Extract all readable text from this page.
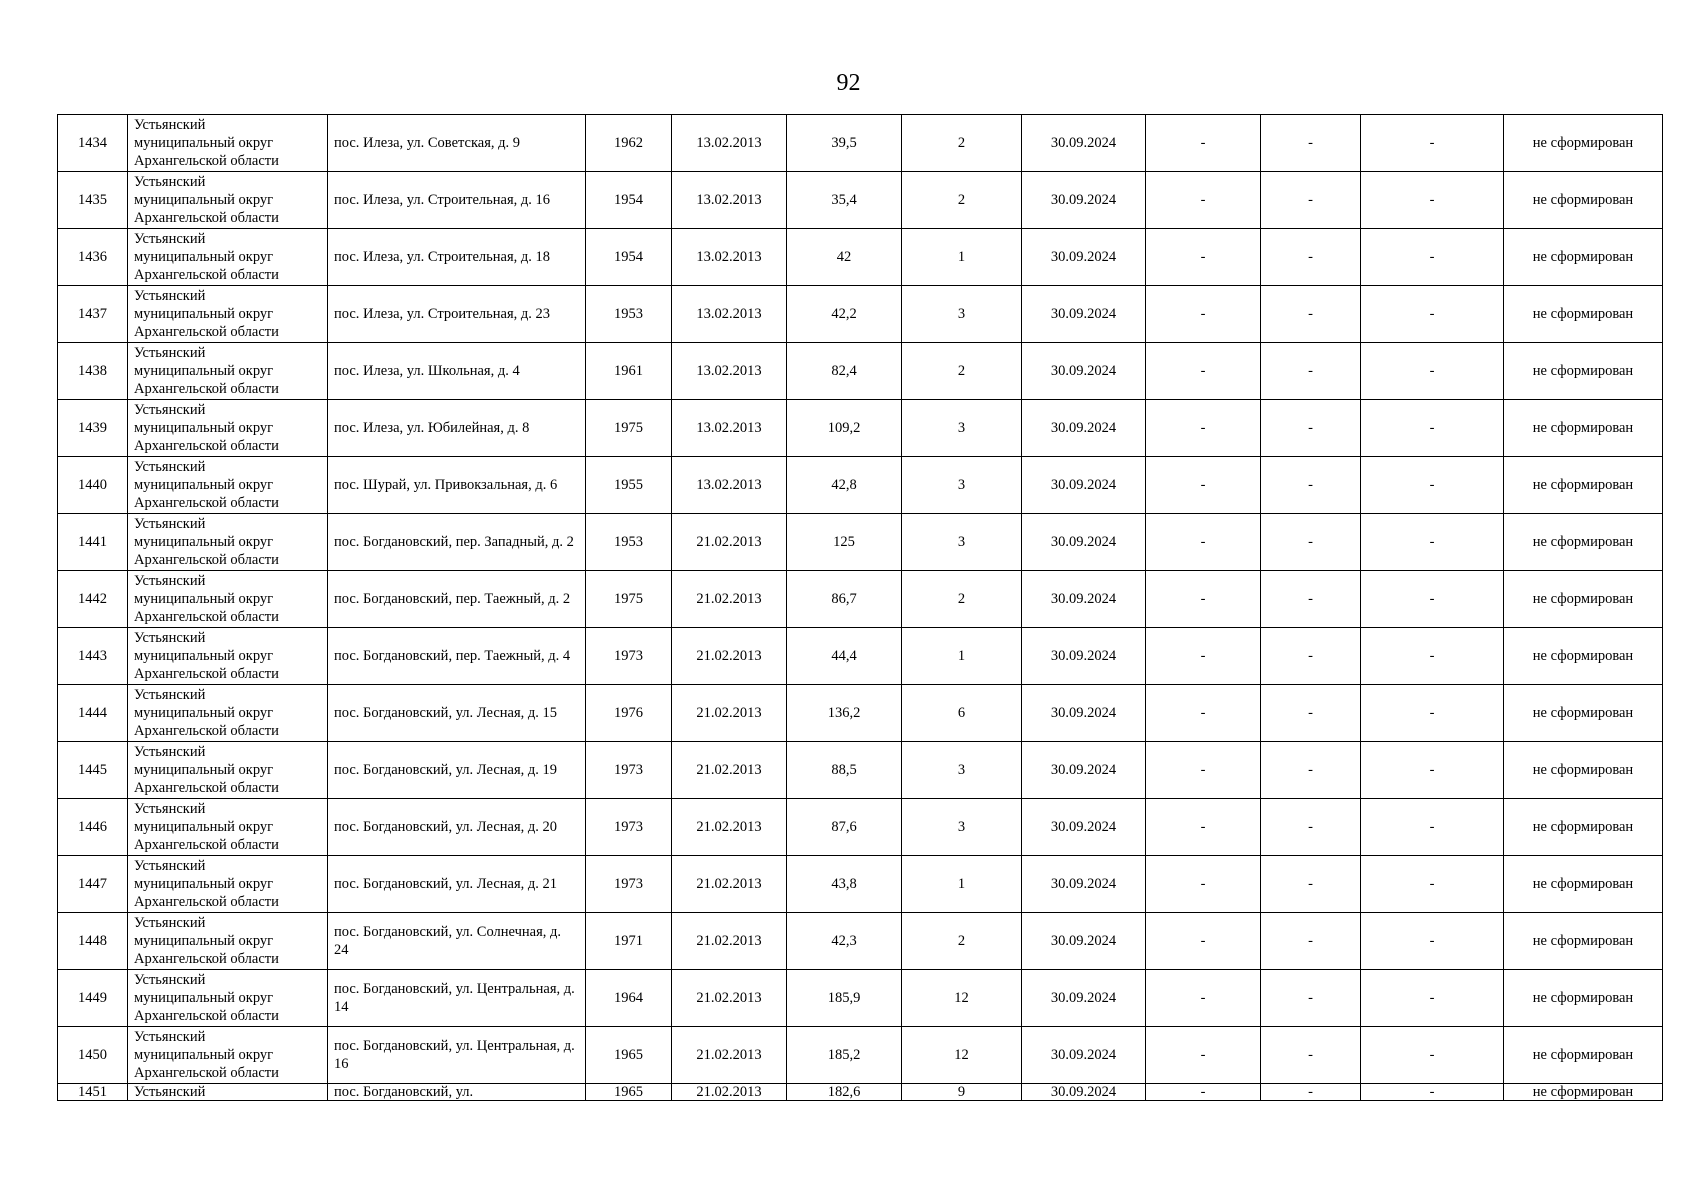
92
1434	Устьянский
муниципальный округ
Архангельской области	пос. Илеза, ул. Советская, д. 9	1962	13.02.2013	39,5	2	30.09.2024	-	-	-	не сформирован
1435	Устьянский
муниципальный округ
Архангельской области	пос. Илеза, ул. Строительная, д. 16	1954	13.02.2013	35,4	2	30.09.2024	-	-	-	не сформирован
1436	Устьянский
муниципальный округ
Архангельской области	пос. Илеза, ул. Строительная, д. 18	1954	13.02.2013	42	1	30.09.2024	-	-	-	не сформирован
1437	Устьянский
муниципальный округ
Архангельской области	пос. Илеза, ул. Строительная, д. 23	1953	13.02.2013	42,2	3	30.09.2024	-	-	-	не сформирован
1438	Устьянский
муниципальный округ
Архангельской области	пос. Илеза, ул. Школьная, д. 4	1961	13.02.2013	82,4	2	30.09.2024	-	-	-	не сформирован
1439	Устьянский
муниципальный округ
Архангельской области	пос. Илеза, ул. Юбилейная, д. 8	1975	13.02.2013	109,2	3	30.09.2024	-	-	-	не сформирован
1440	Устьянский
муниципальный округ
Архангельской области	пос. Шурай, ул. Привокзальная, д. 6	1955	13.02.2013	42,8	3	30.09.2024	-	-	-	не сформирован
1441	Устьянский
муниципальный округ
Архангельской области	пос. Богдановский, пер. Западный, д. 2	1953	21.02.2013	125	3	30.09.2024	-	-	-	не сформирован
1442	Устьянский
муниципальный округ
Архангельской области	пос. Богдановский, пер. Таежный, д. 2	1975	21.02.2013	86,7	2	30.09.2024	-	-	-	не сформирован
1443	Устьянский
муниципальный округ
Архангельской области	пос. Богдановский, пер. Таежный, д. 4	1973	21.02.2013	44,4	1	30.09.2024	-	-	-	не сформирован
1444	Устьянский
муниципальный округ
Архангельской области	пос. Богдановский, ул. Лесная, д. 15	1976	21.02.2013	136,2	6	30.09.2024	-	-	-	не сформирован
1445	Устьянский
муниципальный округ
Архангельской области	пос. Богдановский, ул. Лесная, д. 19	1973	21.02.2013	88,5	3	30.09.2024	-	-	-	не сформирован
1446	Устьянский
муниципальный округ
Архангельской области	пос. Богдановский, ул. Лесная, д. 20	1973	21.02.2013	87,6	3	30.09.2024	-	-	-	не сформирован
1447	Устьянский
муниципальный округ
Архангельской области	пос. Богдановский, ул. Лесная, д. 21	1973	21.02.2013	43,8	1	30.09.2024	-	-	-	не сформирован
1448	Устьянский
муниципальный округ
Архангельской области	пос. Богдановский, ул. Солнечная, д. 24	1971	21.02.2013	42,3	2	30.09.2024	-	-	-	не сформирован
1449	Устьянский
муниципальный округ
Архангельской области	пос. Богдановский, ул. Центральная, д. 14	1964	21.02.2013	185,9	12	30.09.2024	-	-	-	не сформирован
1450	Устьянский
муниципальный округ
Архангельской области	пос. Богдановский, ул. Центральная, д. 16	1965	21.02.2013	185,2	12	30.09.2024	-	-	-	не сформирован
1451	Устьянский	пос. Богдановский, ул.	1965	21.02.2013	182,6	9	30.09.2024	-	-	-	не сформирован
